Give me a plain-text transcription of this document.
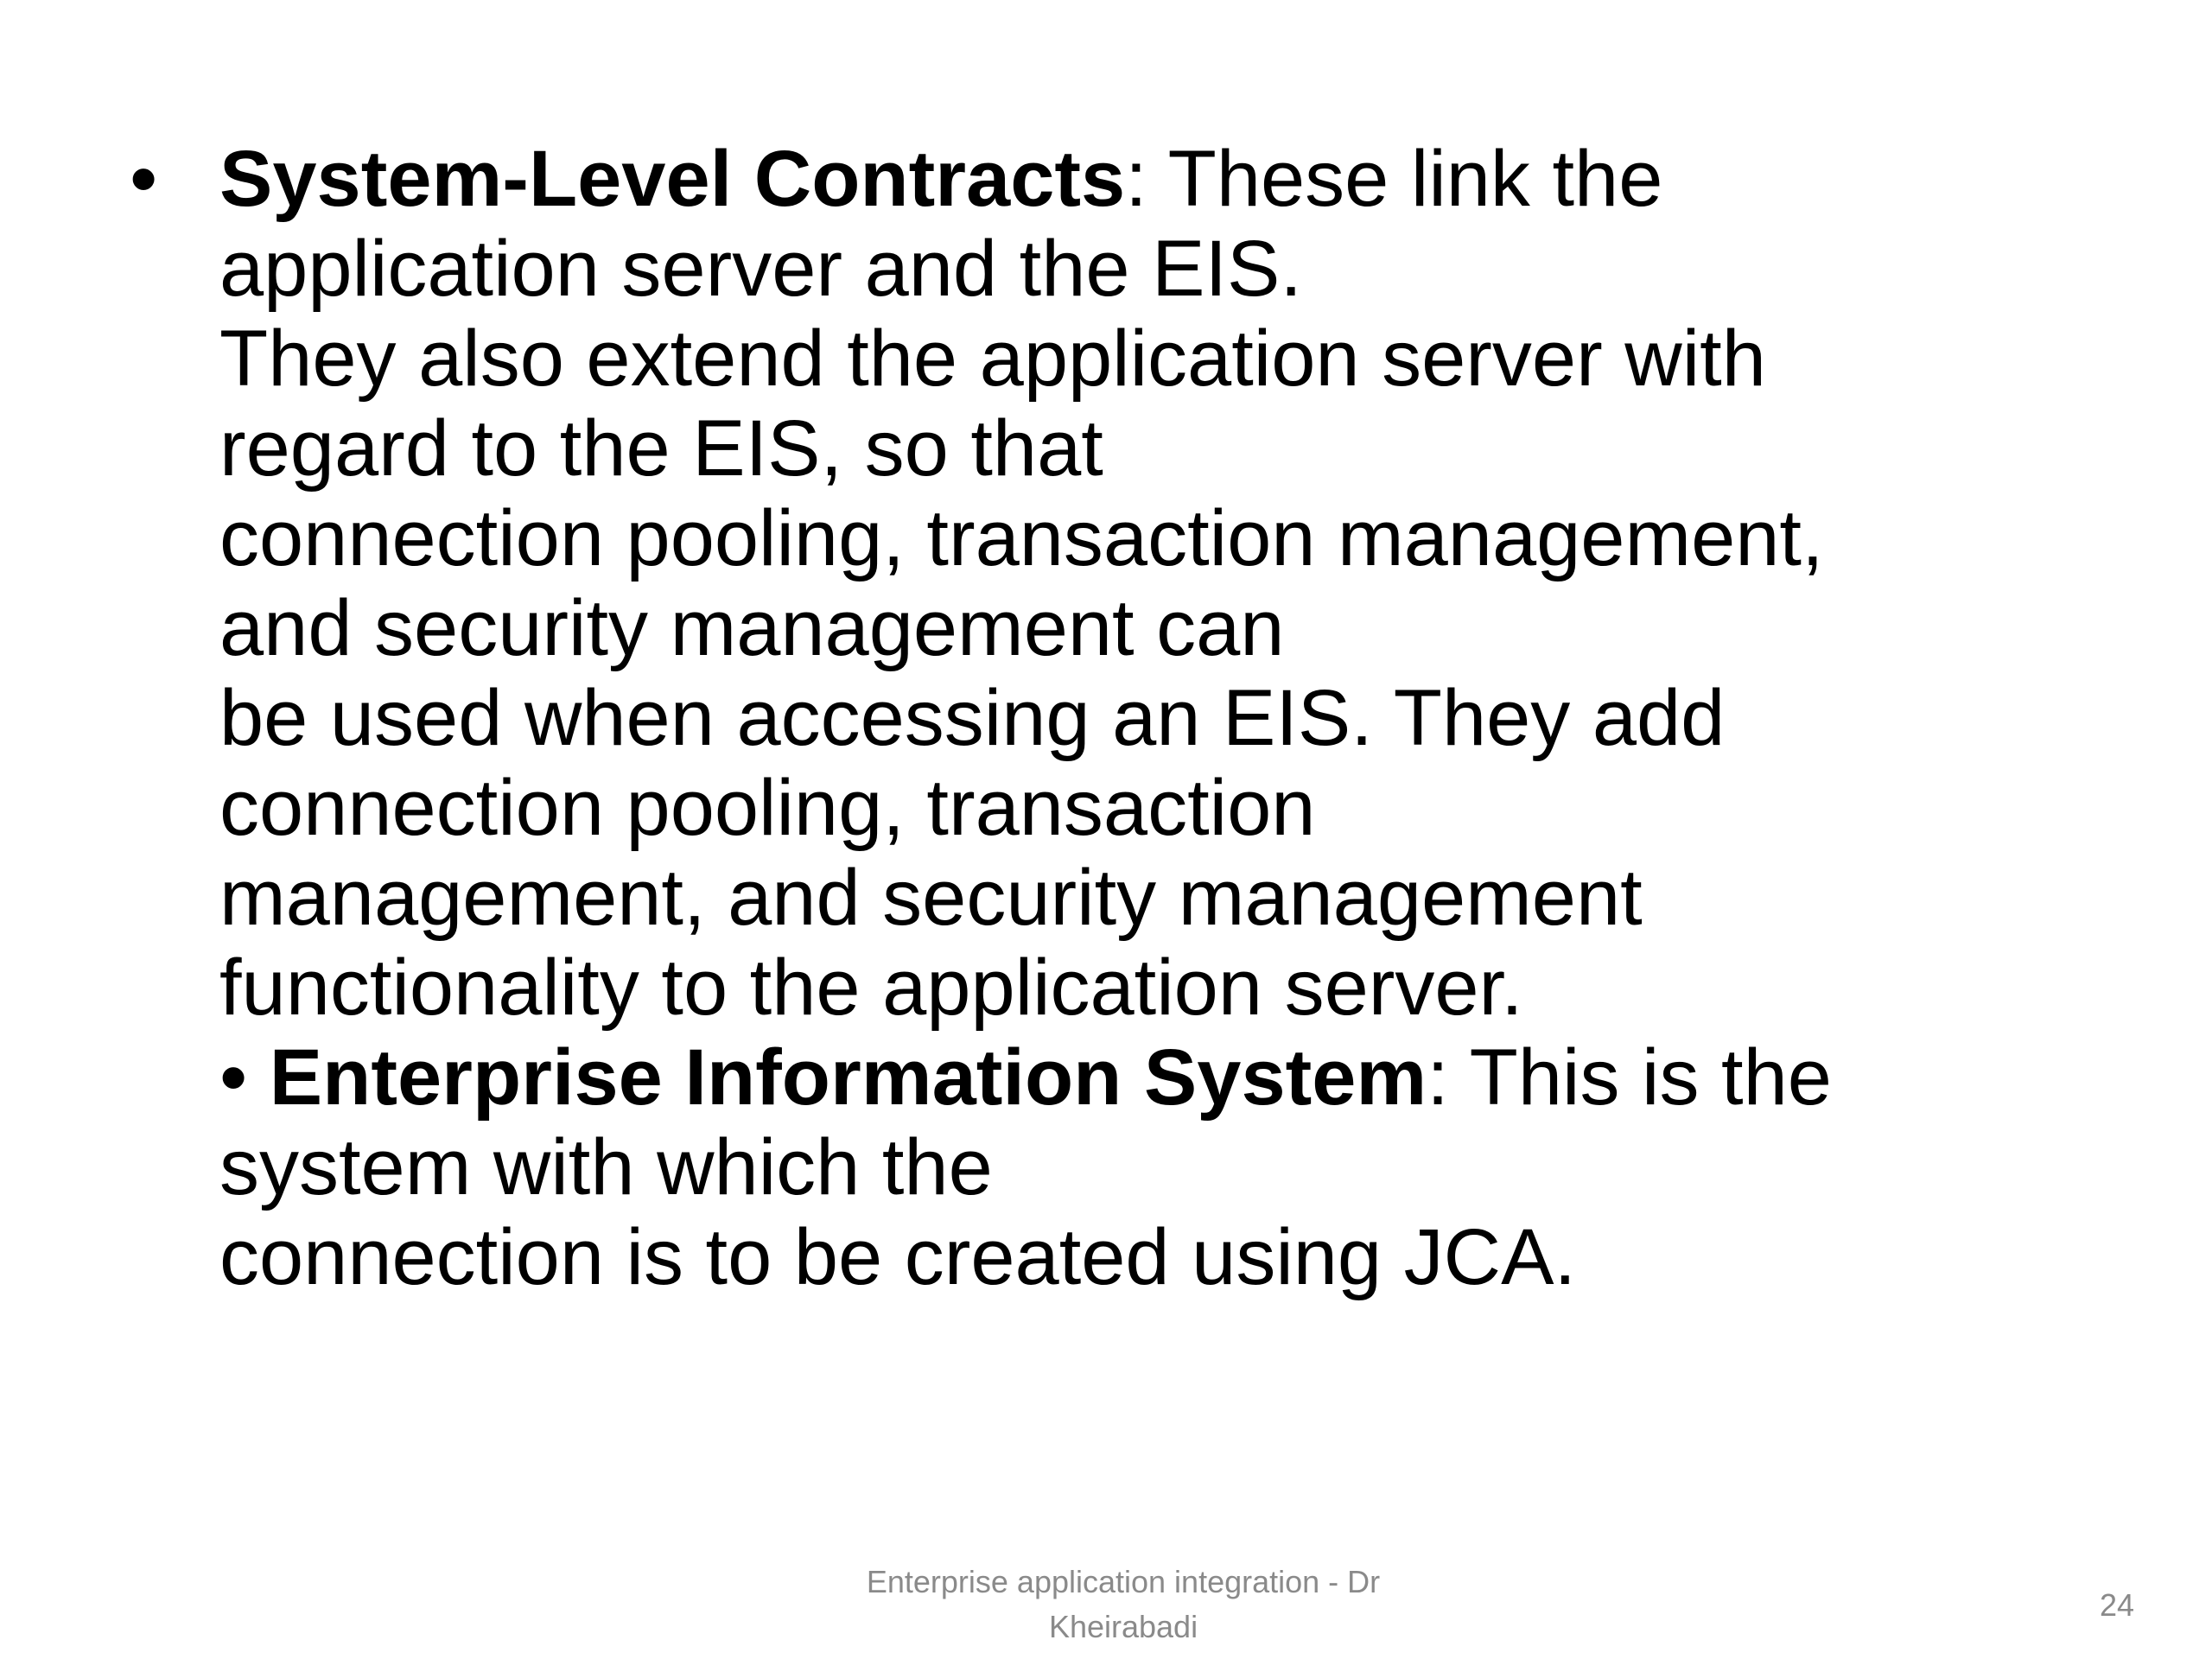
• System-Level Contracts: These link the

application server and the EIS.

They also extend the application server with

regard to the EIS, so that

connection pooling, transaction management,

and security management can

be used when accessing an EIS. They add

connection pooling, transaction

management, and security management

functionality to the application server.

• Enterprise Information System: This is the

system with which the

connection is to be created using JCA.

Enterprise application integration - Dr
Kheirabadi
24
